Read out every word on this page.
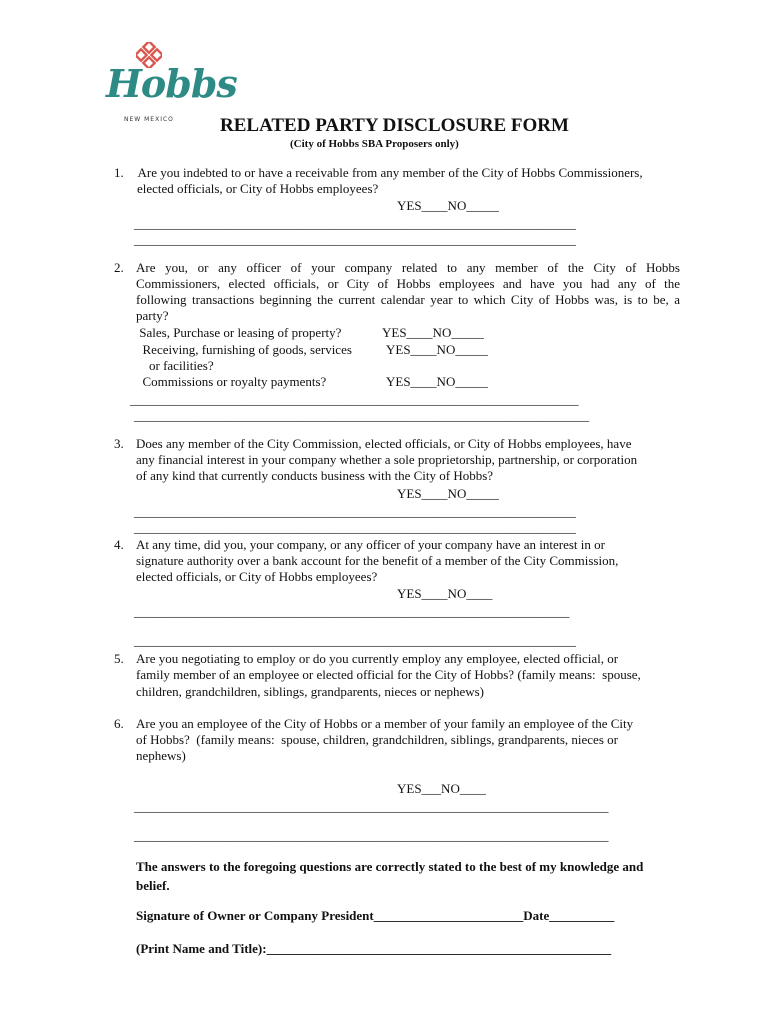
Hobbs
NEW MEXICO RELATED PARTY DISCLOSURE FORM
(City of Hobbs SBA Proposers only)
1. Are you indebted to or have a receivable from any member of the City of Hobbs Commissioners,
elected officials, or City of Hobbs employees?
YES____NO_____
____________________________________________________________________
____________________________________________________________________
2. Are you, or any officer of your company related to any member of the City of Hobbs
Commissioners, elected officials, or City of Hobbs employees and have you had any of the
following transactions beginning the current calendar year to which City of Hobbs was, is to be, a
party?
Sales, Purchase or leasing of property?	YES____NO_____
Receiving, furnishing of goods, services	YES____NO_____
or facilities?
Commissions or royalty payments?	YES____NO_____
_____________________________________________________________________
______________________________________________________________________
3. Does any member of the City Commission, elected officials, or City of Hobbs employees, have
any financial interest in your company whether a sole proprietorship, partnership, or corporation
of any kind that currently conducts business with the City of Hobbs?
YES____NO_____
____________________________________________________________________
____________________________________________________________________
4. At any time, did you, your company, or any officer of your company have an interest in or
signature authority over a bank account for the benefit of a member of the City Commission,
elected officials, or City of Hobbs employees?
YES____NO____
___________________________________________________________________
____________________________________________________________________
5. Are you negotiating to employ or do you currently employ any employee, elected official, or
family member of an employee or elected official for the City of Hobbs? (family means:  spouse,
children, grandchildren, siblings, grandparents, nieces or nephews)
6. Are you an employee of the City of Hobbs or a member of your family an employee of the City
of Hobbs?  (family means:  spouse, children, grandchildren, siblings, grandparents, nieces or
nephews)
YES___NO____
_________________________________________________________________________
_________________________________________________________________________
The answers to the foregoing questions are correctly stated to the best of my knowledge and
belief.
Signature of Owner or Company President_______________________Date__________
(Print Name and Title):_____________________________________________________
